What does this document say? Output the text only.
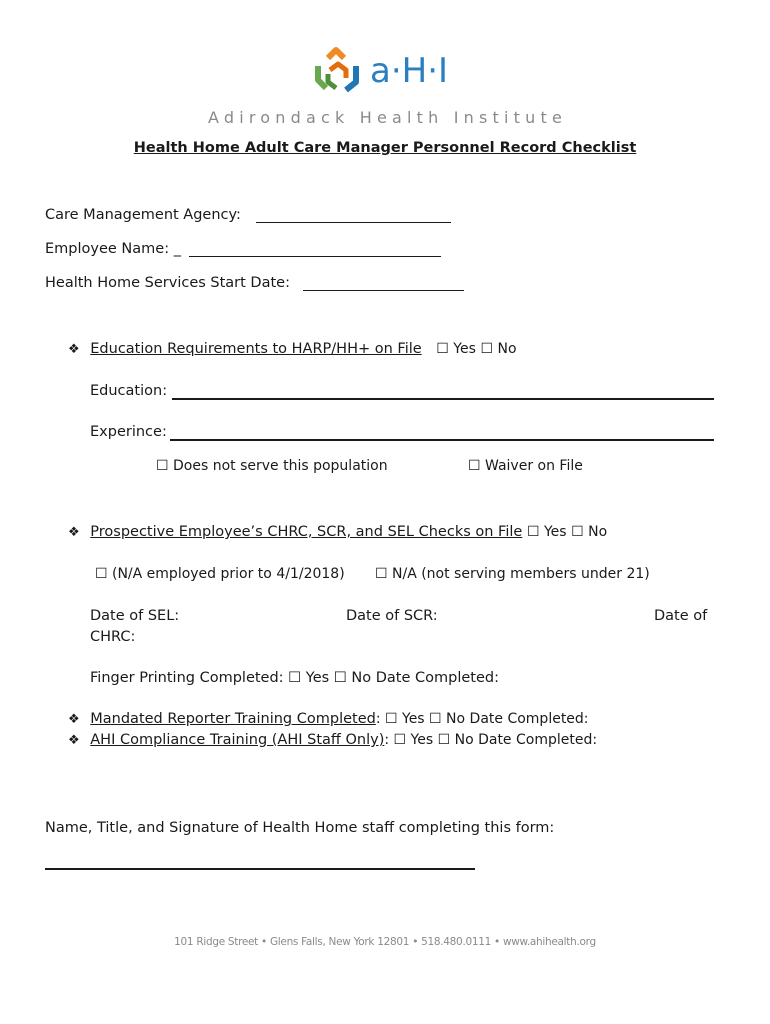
a·H·I
Adirondack Health Institute
Health Home Adult Care Manager Personnel Record Checklist
Care Management Agency:
Employee Name: _
Health Home Services Start Date:
❖ Education Requirements to HARP/HH+ on File ☐ Yes ☐ No
Education:
Experince:
☐ Does not serve this population	☐ Waiver on File
❖ Prospective Employee’s CHRC, SCR, and SEL Checks on File ☐ Yes ☐ No
☐ (N/A employed prior to 4/1/2018) ☐ N/A (not serving members under 21)
Date of SEL:	Date of SCR:	Date of
CHRC:
Finger Printing Completed: ☐ Yes ☐ No Date Completed:
❖ Mandated Reporter Training Completed: ☐ Yes ☐ No Date Completed:
❖ AHI Compliance Training (AHI Staff Only): ☐ Yes ☐ No Date Completed:
Name, Title, and Signature of Health Home staff completing this form:
101 Ridge Street • Glens Falls, New York 12801 • 518.480.0111 • www.ahihealth.org
